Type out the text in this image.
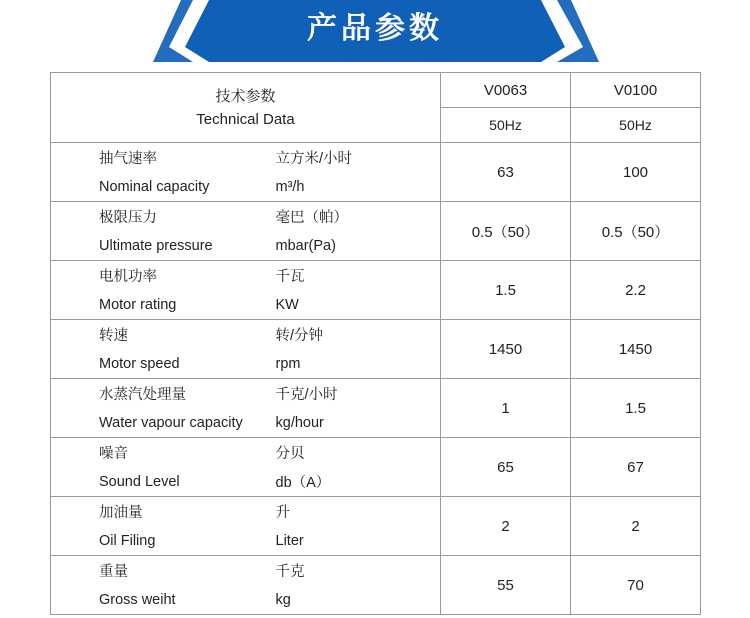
产品参数
技术参数
Technical Data	V0063	V0100
	50Hz	50Hz

抽气速率 立方米/小时
Nominal capacity m³/h	63	100

极限压力 毫巴（帕）
Ultimate pressure mbar(Pa)	0.5（50）	0.5（50）

电机功率 千瓦
Motor rating KW	1.5	2.2

转速 转/分钟
Motor speed rpm	1450	1450

水蒸汽处理量 千克/小时
Water vapour capacity kg/hour	1	1.5

噪音 分贝
Sound Level db（A）	65	67

加油量 升
Oil Filing Liter	2	2

重量 千克
Gross weiht kg	55	70
